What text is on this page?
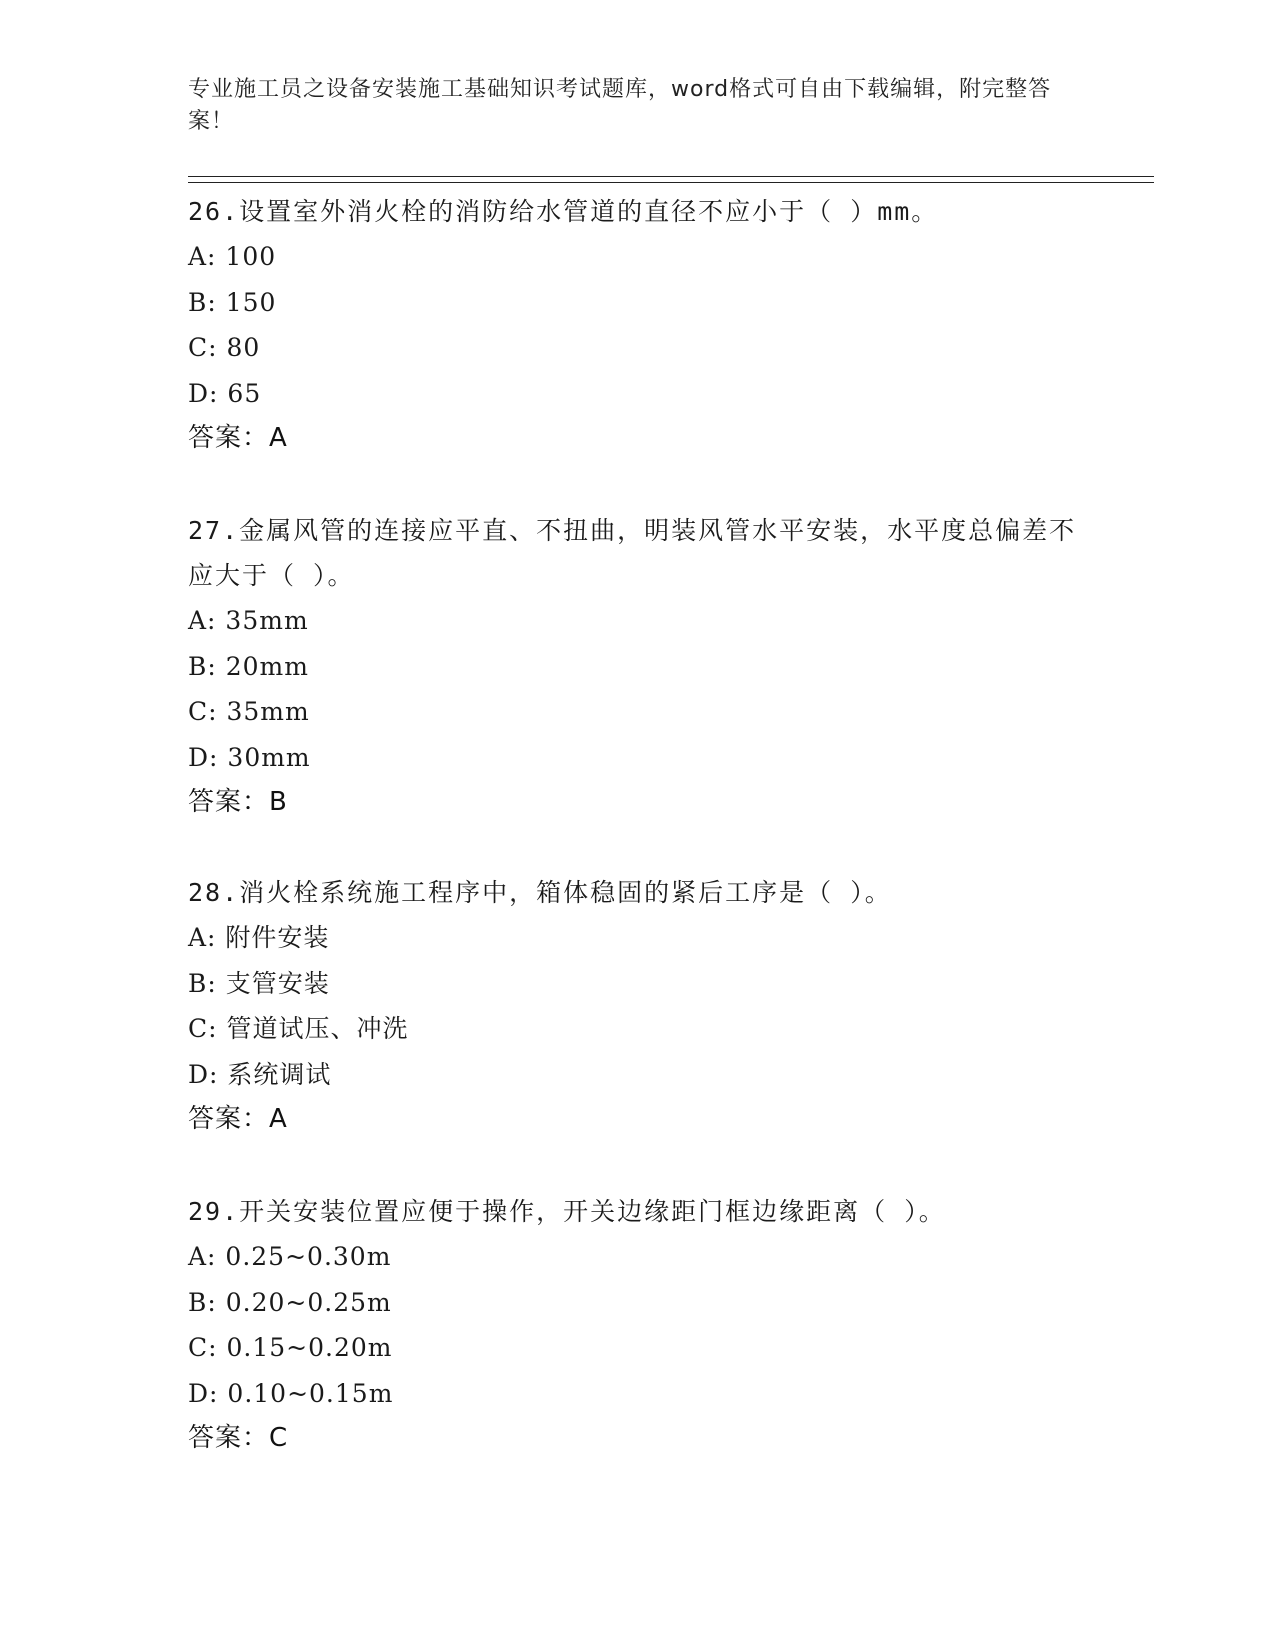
专业施工员之设备安装施工基础知识考试题库，word格式可自由下载编辑，附完整答案！

26.设置室外消火栓的消防给水管道的直径不应小于（ ）mm。

A: 100

B: 150

C: 80

D: 65

答案：A

27.金属风管的连接应平直、不扭曲，明装风管水平安装，水平度总偏差不应大于（ ）。

A: 35mm

B: 20mm

C: 35mm

D: 30mm

答案：B

28.消火栓系统施工程序中，箱体稳固的紧后工序是（ ）。

A: 附件安装

B: 支管安装

C: 管道试压、冲洗

D: 系统调试

答案：A

29.开关安装位置应便于操作，开关边缘距门框边缘距离（ ）。

A: 0.25~0.30m

B: 0.20~0.25m

C: 0.15~0.20m

D: 0.10~0.15m

答案：C
